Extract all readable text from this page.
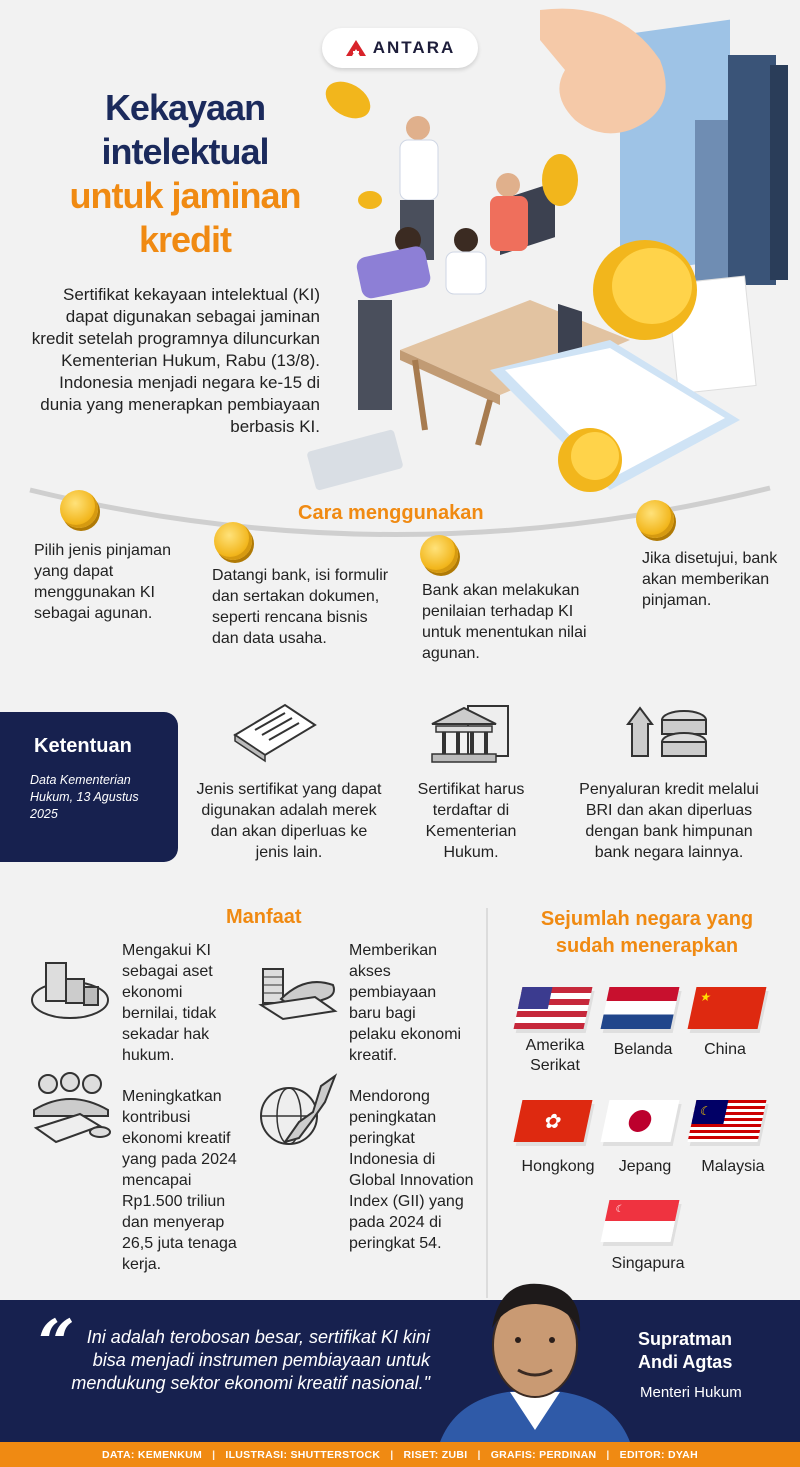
ANTARA
Kekayaan
intelektual
untuk jaminan
kredit

Sertifikat kekayaan intelektual (KI) dapat digunakan sebagai jaminan kredit setelah programnya diluncurkan Kementerian Hukum, Rabu (13/8). Indonesia menjadi negara ke-15 di dunia yang menerapkan pembiayaan berbasis KI.

Cara menggunakan

Pilih jenis pinjaman yang dapat menggunakan KI sebagai agunan.

Datangi bank, isi formulir dan sertakan dokumen, seperti rencana bisnis dan data usaha.

Bank akan melakukan penilaian terhadap KI untuk menentukan nilai agunan.

Jika disetujui, bank akan memberikan pinjaman.

Ketentuan
Data Kementerian Hukum, 13 Agustus 2025

Jenis sertifikat yang dapat digunakan adalah merek dan akan diperluas ke jenis lain.

Sertifikat harus terdaftar di Kementerian Hukum.

Penyaluran kredit melalui BRI dan akan diperluas dengan bank himpunan bank negara lainnya.

Manfaat

Mengakui KI sebagai aset ekonomi bernilai, tidak sekadar hak hukum.

Memberikan akses pembiayaan baru bagi pelaku ekonomi kreatif.

Meningkatkan kontribusi ekonomi kreatif yang pada 2024 mencapai Rp1.500 triliun dan menyerap 26,5 juta tenaga kerja.

Mendorong peningkatan peringkat Indonesia di Global Innovation Index (GII) yang pada 2024 di peringkat 54.

Sejumlah negara yang sudah menerapkan
★
✿	☾
☾

Amerika Serikat

Belanda	China

Hongkong	Jepang	Malaysia

Singapura

“ Ini adalah terobosan besar, sertifikat KI kini bisa menjadi instrumen pembiayaan untuk mendukung sektor ekonomi kreatif nasional."

Supratman
Andi Agtas
Menteri Hukum
DATA: KEMENKUM | ILUSTRASI: SHUTTERSTOCK | RISET: ZUBI | GRAFIS: PERDINAN | EDITOR: DYAH
